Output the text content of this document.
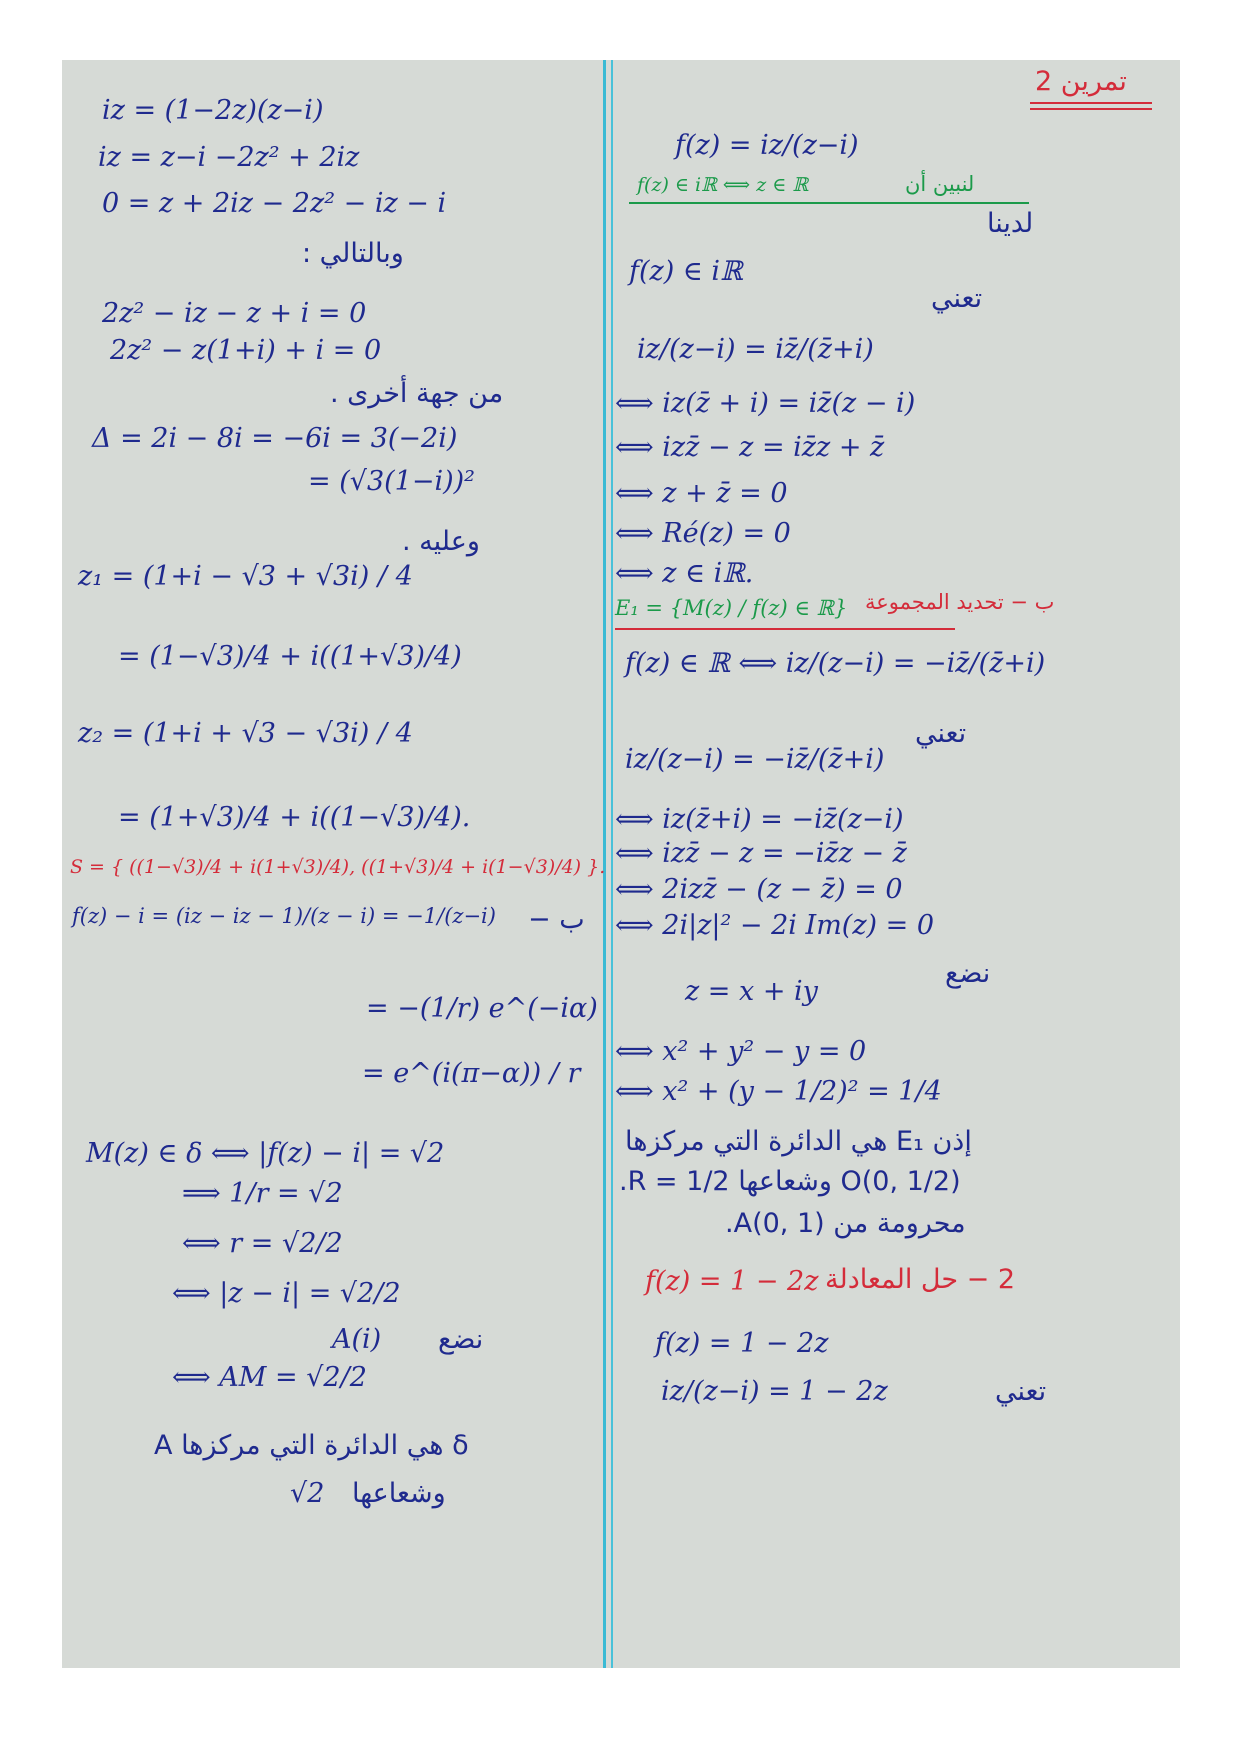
iz = (1−2z)(z−i)
iz = z−i −2z² + 2iz
0 = z + 2iz − 2z² − iz − i
وبالتالي :
2z² − iz − z + i = 0
2z² − z(1+i) + i = 0
من جهة أخرى .
Δ = 2i − 8i = −6i = 3(−2i)
= (√3(1−i))²
وعليه .
z₁ = (1+i − √3 + √3i) / 4
= (1−√3)/4 + i((1+√3)/4)
z₂ = (1+i + √3 − √3i) / 4
= (1+√3)/4 + i((1−√3)/4).
S = { ((1−√3)/4 + i(1+√3)/4), ((1+√3)/4 + i(1−√3)/4) }.
f(z) − i = (iz − iz − 1)/(z − i) = −1/(z−i) ب −
= −(1/r) e^(−iα)
= e^(i(π−α)) / r
M(z) ∈ δ ⟺ |f(z) − i| = √2
⟹ 1/r = √2
⟺ r = √2/2
⟺ |z − i| = √2/2
نضع
A(i)
⟺ AM = √2/2
δ هي الدائرة التي مركزها A
وشعاعها
√2
تمرين 2
f(z) = iz/(z−i)
f(z) ∈ iℝ ⟺ z ∈ ℝ	لنبين أن
لدينا
f(z) ∈ iℝ
تعني
iz/(z−i) = iz̄/(z̄+i)
⟺ iz(z̄ + i) = iz̄(z − i)
⟺ izz̄ − z = iz̄z + z̄
⟺ z + z̄ = 0
⟺ Ré(z) = 0
⟺ z ∈ iℝ.
E₁ = {M(z) / f(z) ∈ ℝ} ب − تحديد المجموعة
f(z) ∈ ℝ ⟺ iz/(z−i) = −iz̄/(z̄+i)
تعني
iz/(z−i) = −iz̄/(z̄+i)
⟺ iz(z̄+i) = −iz̄(z−i)
⟺ izz̄ − z = −iz̄z − z̄
⟺ 2izz̄ − (z − z̄) = 0
⟺ 2i|z|² − 2i Im(z) = 0
نضع
z = x + iy
⟺ x² + y² − y = 0
⟺ x² + (y − 1/2)² = 1/4
إذن E₁ هي الدائرة التي مركزها
O(0, 1/2) وشعاعها R = 1/2.
محرومة من A(0, 1).
f(z) = 1 − 2z 2 − حل المعادلة
f(z) = 1 − 2z
iz/(z−i) = 1 − 2z	تعني
